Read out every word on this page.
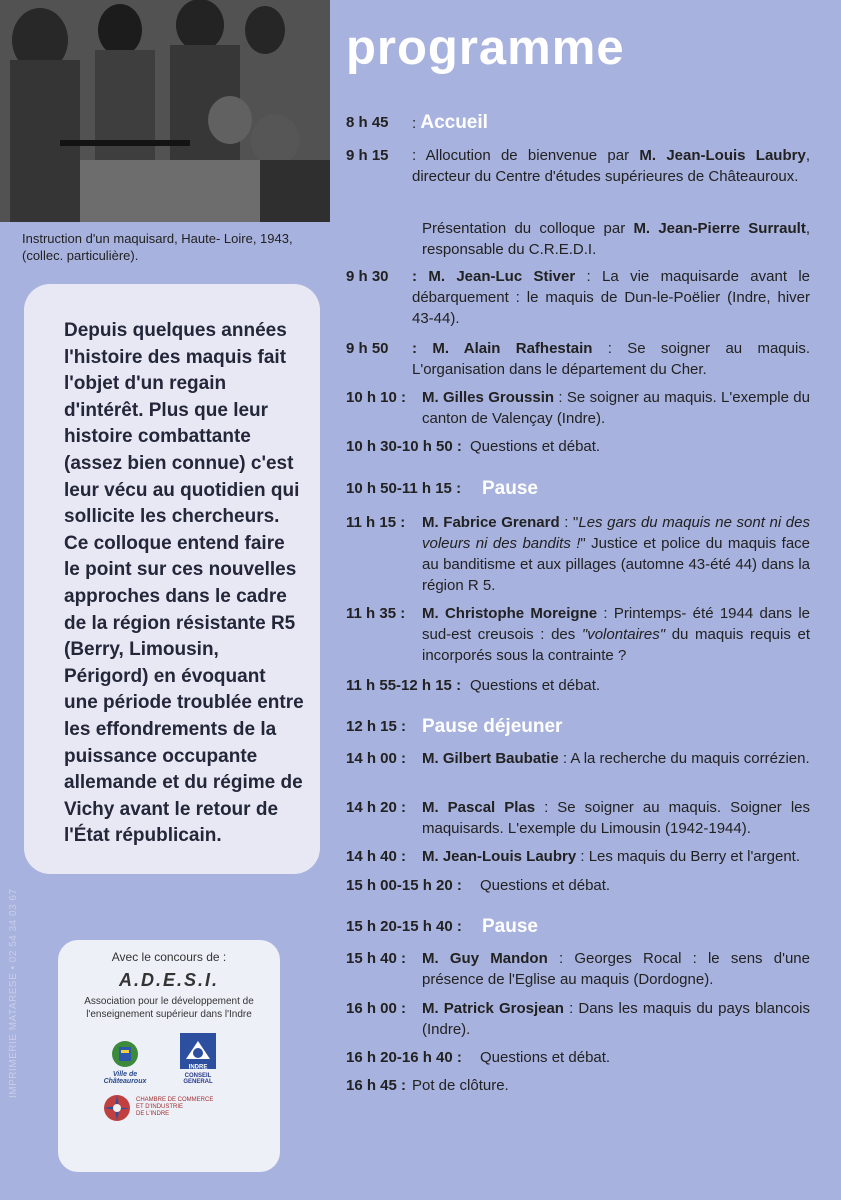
Instruction d'un maquisard, Haute- Loire, 1943, (collec. particulière).
Depuis quelques années l'histoire des maquis fait l'objet d'un regain d'intérêt. Plus que leur histoire combattante (assez bien connue) c'est leur vécu au quotidien qui sollicite les chercheurs. Ce colloque entend faire le point sur ces nouvelles approches dans le cadre de la région résistante R5 (Berry, Limousin, Périgord) en évoquant une période troublée entre les effondrements de la puissance occupante allemande et du régime de Vichy avant le retour de l'État républicain.
IMPRIMERIE MATARESE • 02 54 34 03 67	Avec le concours de :
A.D.E.S.I.
Association pour le développement de l'enseignement supérieur dans l'Indre
Ville de
Châteauroux
INDRE
CONSEIL GENERAL
CHAMBRE DE COMMERCE
ET D'INDUSTRIE
DE L'INDRE
programme
8 h 45 : Accueil
9 h 15 : Allocution de bienvenue par M. Jean-Louis Laubry, directeur du Centre d'études supérieures de Châteauroux.
Présentation du colloque par M. Jean-Pierre Surrault, responsable du C.R.E.D.I.
9 h 30 : M. Jean-Luc Stiver : La vie maquisarde avant le débarquement : le maquis de Dun-le-Poëlier (Indre, hiver 43-44).
9 h 50 : M. Alain Rafhestain : Se soigner au maquis. L'organisation dans le département du Cher.
10 h 10 : M. Gilles Groussin : Se soigner au maquis. L'exemple du canton de Valençay (Indre).
10 h 30-10 h 50 : Questions et débat.
10 h 50-11 h 15 : Pause
11 h 15 : M. Fabrice Grenard : "Les gars du maquis ne sont ni des voleurs ni des bandits !" Justice et police du maquis face au banditisme et aux pillages (automne 43-été 44) dans la région R 5.
11 h 35 : M. Christophe Moreigne : Printemps- été 1944 dans le sud-est creusois : des "volontaires" du maquis requis et incorporés sous la contrainte ?
11 h 55-12 h 15 : Questions et débat.
12 h 15 : Pause déjeuner
14 h 00 : M. Gilbert Baubatie : A la recherche du maquis corrézien.
14 h 20 : M. Pascal Plas : Se soigner au maquis. Soigner les maquisards. L'exemple du Limousin (1942-1944).
14 h 40 : M. Jean-Louis Laubry : Les maquis du Berry et l'argent.
15 h 00-15 h 20 : Questions et débat.
15 h 20-15 h 40 : Pause
15 h 40 : M. Guy Mandon : Georges Rocal : le sens d'une présence de l'Eglise au maquis (Dordogne).
16 h 00 : M. Patrick Grosjean : Dans les maquis du pays blancois (Indre).
16 h 20-16 h 40 : Questions et débat.
16 h 45 : Pot de clôture.
